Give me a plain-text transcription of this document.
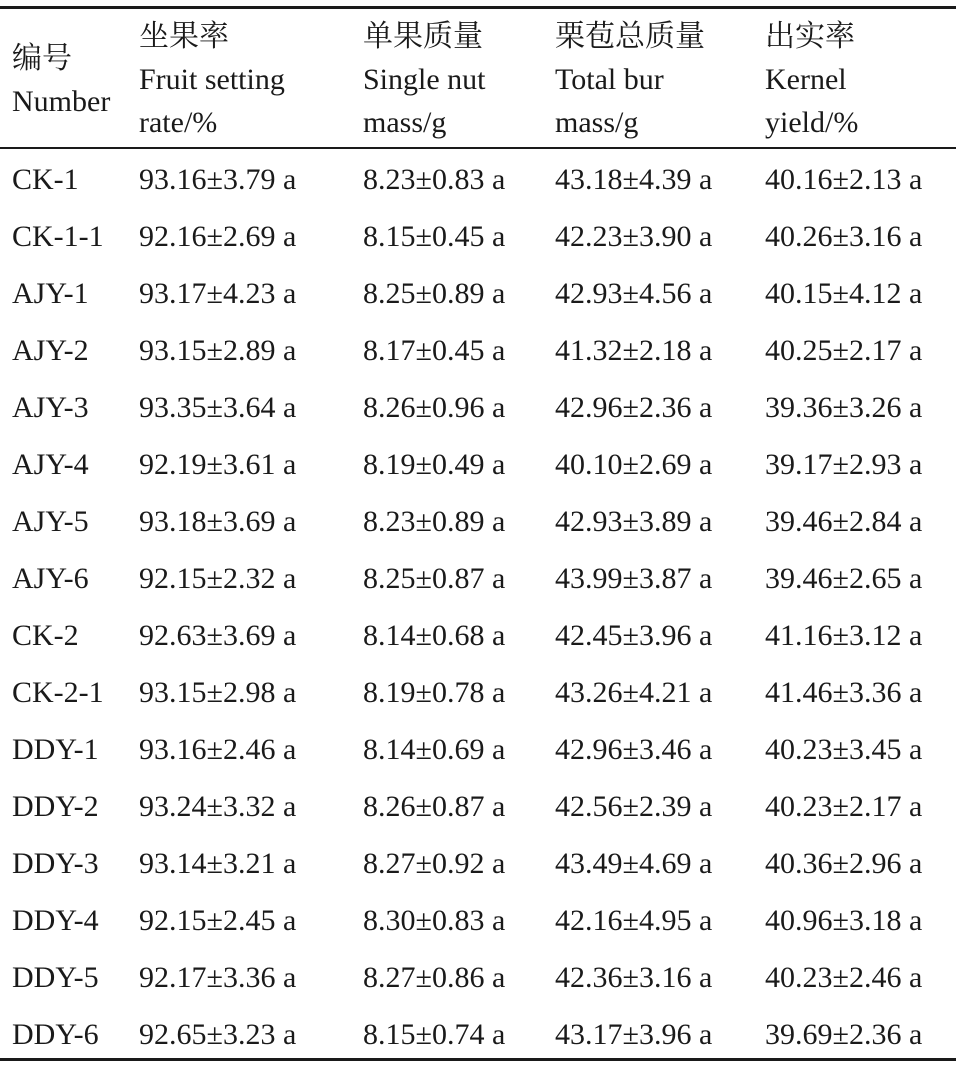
编号
Number
坐果率
Fruit setting
rate/%
单果质量
Single nut
mass/g
栗苞总质量
Total bur
mass/g
出实率
Kernel
yield/%
CK-1 93.16±3.79 a 8.23±0.83 a 43.18±4.39 a 40.16±2.13 a
CK-1-1 92.16±2.69 a 8.15±0.45 a 42.23±3.90 a 40.26±3.16 a
AJY-1 93.17±4.23 a 8.25±0.89 a 42.93±4.56 a 40.15±4.12 a
AJY-2 93.15±2.89 a 8.17±0.45 a 41.32±2.18 a 40.25±2.17 a
AJY-3 93.35±3.64 a 8.26±0.96 a 42.96±2.36 a 39.36±3.26 a
AJY-4 92.19±3.61 a 8.19±0.49 a 40.10±2.69 a 39.17±2.93 a
AJY-5 93.18±3.69 a 8.23±0.89 a 42.93±3.89 a 39.46±2.84 a
AJY-6 92.15±2.32 a 8.25±0.87 a 43.99±3.87 a 39.46±2.65 a
CK-2 92.63±3.69 a 8.14±0.68 a 42.45±3.96 a 41.16±3.12 a
CK-2-1 93.15±2.98 a 8.19±0.78 a 43.26±4.21 a 41.46±3.36 a
DDY-1 93.16±2.46 a 8.14±0.69 a 42.96±3.46 a 40.23±3.45 a
DDY-2 93.24±3.32 a 8.26±0.87 a 42.56±2.39 a 40.23±2.17 a
DDY-3 93.14±3.21 a 8.27±0.92 a 43.49±4.69 a 40.36±2.96 a
DDY-4 92.15±2.45 a 8.30±0.83 a 42.16±4.95 a 40.96±3.18 a
DDY-5 92.17±3.36 a 8.27±0.86 a 42.36±3.16 a 40.23±2.46 a
DDY-6 92.65±3.23 a 8.15±0.74 a 43.17±3.96 a 39.69±2.36 a
